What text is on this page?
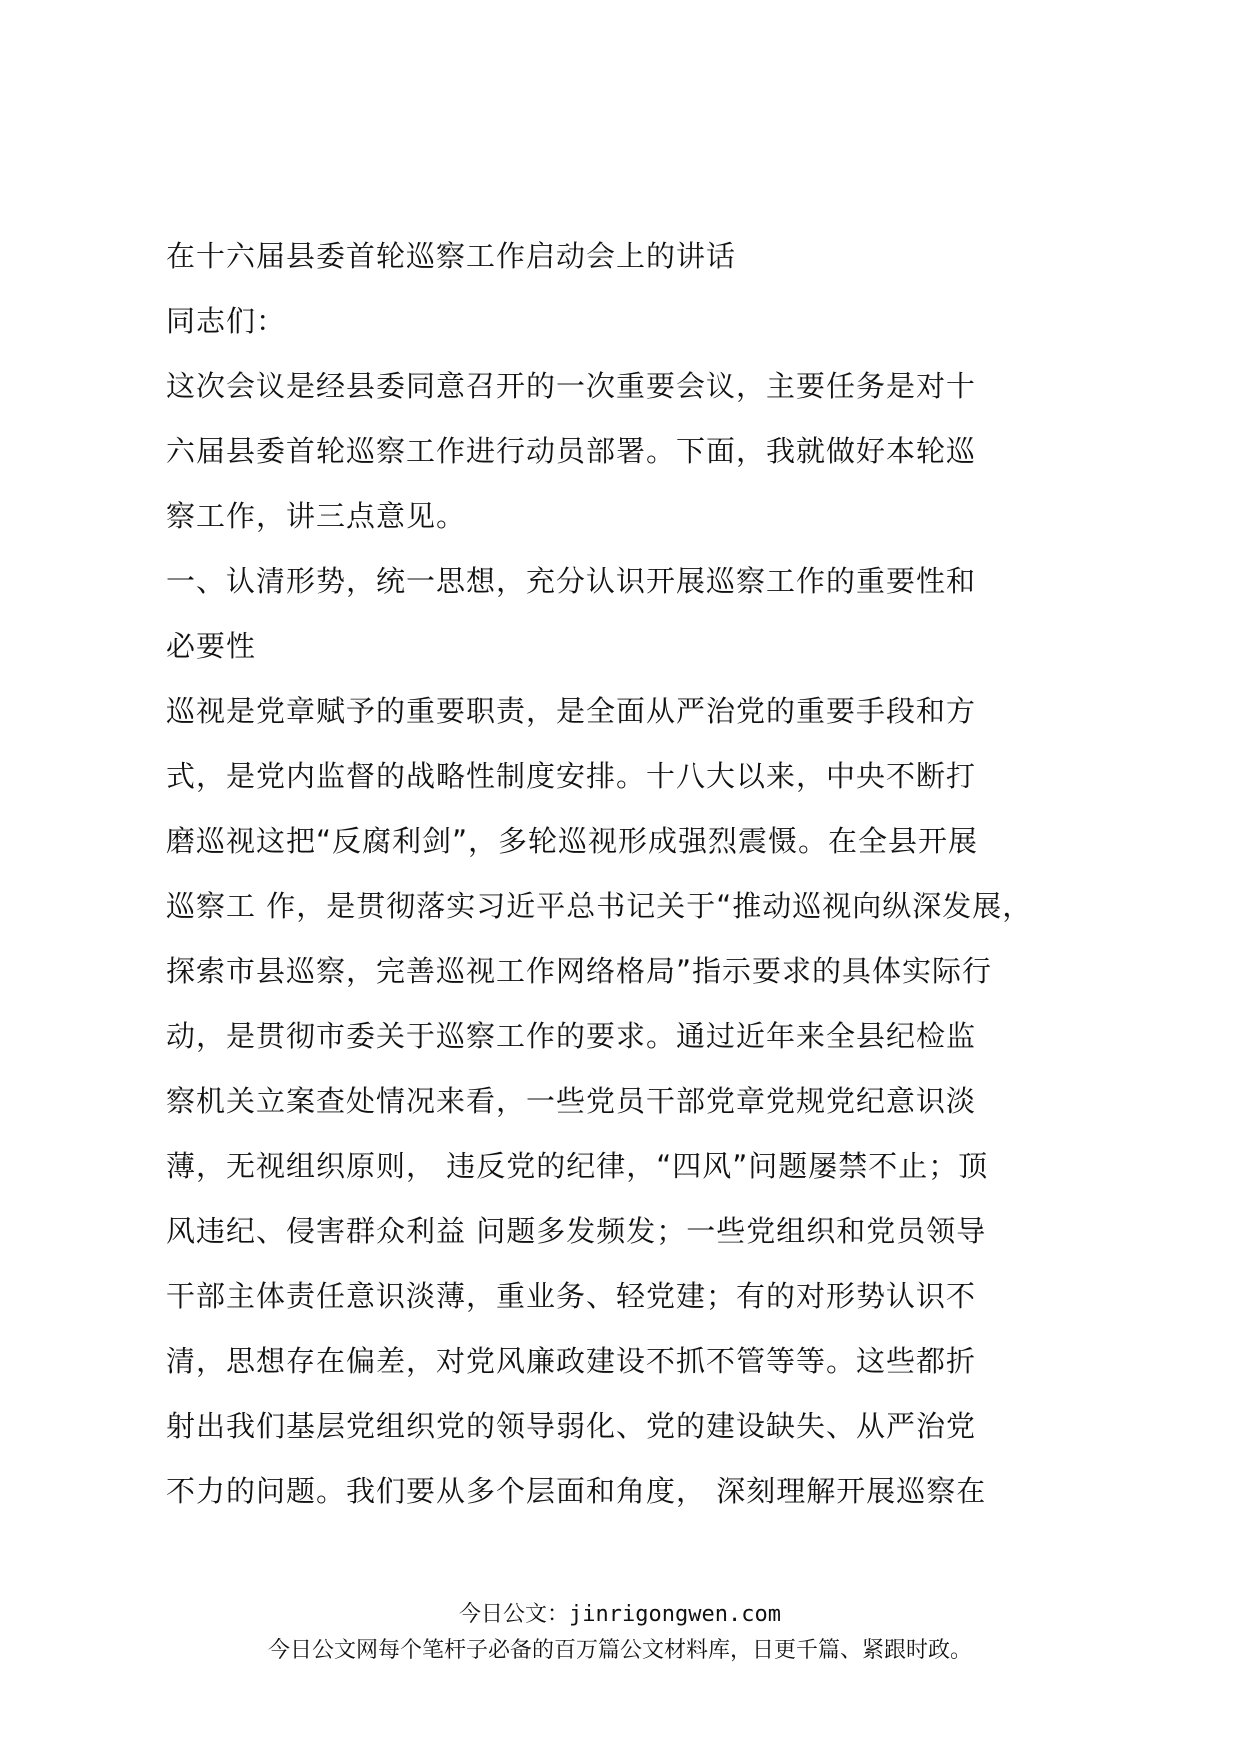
在十六届县委首轮巡察工作启动会上的讲话
同志们：
这次会议是经县委同意召开的一次重要会议，主要任务是对十
六届县委首轮巡察工作进行动员部署。下面，我就做好本轮巡
察工作，讲三点意见。
一、认清形势，统一思想，充分认识开展巡察工作的重要性和
必要性
巡视是党章赋予的重要职责，是全面从严治党的重要手段和方
式，是党内监督的战略性制度安排。十八大以来，中央不断打
磨巡视这把“反腐利剑”，多轮巡视形成强烈震慑。在全县开展
巡察工 作，是贯彻落实习近平总书记关于“推动巡视向纵深发展，
探索市县巡察，完善巡视工作网络格局”指示要求的具体实际行
动，是贯彻市委关于巡察工作的要求。通过近年来全县纪检监
察机关立案查处情况来看，一些党员干部党章党规党纪意识淡
薄，无视组织原则， 违反党的纪律，“四风”问题屡禁不止；顶
风违纪、侵害群众利益 问题多发频发；一些党组织和党员领导
干部主体责任意识淡薄，重业务、轻党建；有的对形势认识不
清，思想存在偏差，对党风廉政建设不抓不管等等。这些都折
射出我们基层党组织党的领导弱化、党的建设缺失、从严治党
不力的问题。我们要从多个层面和角度， 深刻理解开展巡察在
今日公文：jinrigongwen.com
今日公文网每个笔杆子必备的百万篇公文材料库，日更千篇、紧跟时政。
